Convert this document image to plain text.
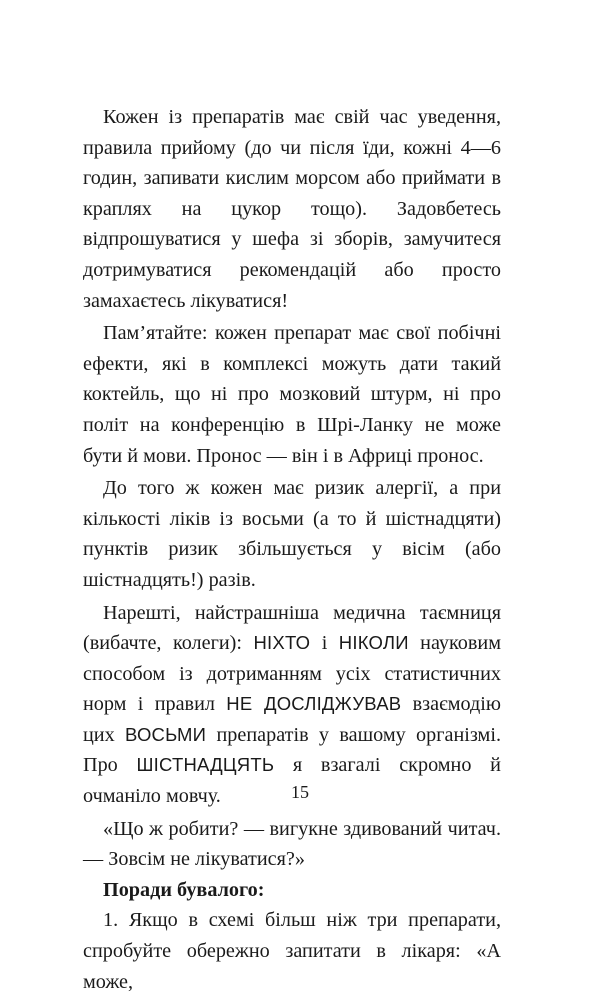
Кожен із препаратів має свій час уведення, правила прийому (до чи після їди, кожні 4—6 годин, запивати кислим морсом або приймати в краплях на цукор тощо). Задовбетесь відпрошуватися у шефа зі зборів, замучитеся дотримуватися рекомендацій або просто замахаєтесь лікуватися!

Пам’ятайте: кожен препарат має свої побічні ефекти, які в комплексі можуть дати такий коктейль, що ні про мозковий штурм, ні про політ на конференцію в Шрі-Ланку не може бути й мови. Пронос — він і в Африці пронос.

До того ж кожен має ризик алергії, а при кількості ліків із восьми (а то й шістнадцяти) пунктів ризик збільшується у вісім (або шістнадцять!) разів.

Нарешті, найстрашніша медична таємниця (вибачте, колеги): НІХТО і НІКОЛИ науковим способом із дотриманням усіх статистичних норм і правил НЕ ДОСЛІДЖУВАВ взаємодію цих ВОСЬМИ препаратів у вашому організмі. Про ШІСТНАДЦЯТЬ я взагалі скромно й очманіло мовчу.

«Що ж робити? — вигукне здивований читач. — Зовсім не лікуватися?»

Поради бувалого:

1. Якщо в схемі більш ніж три препарати, спробуйте обережно запитати в лікаря: «А може,

15
